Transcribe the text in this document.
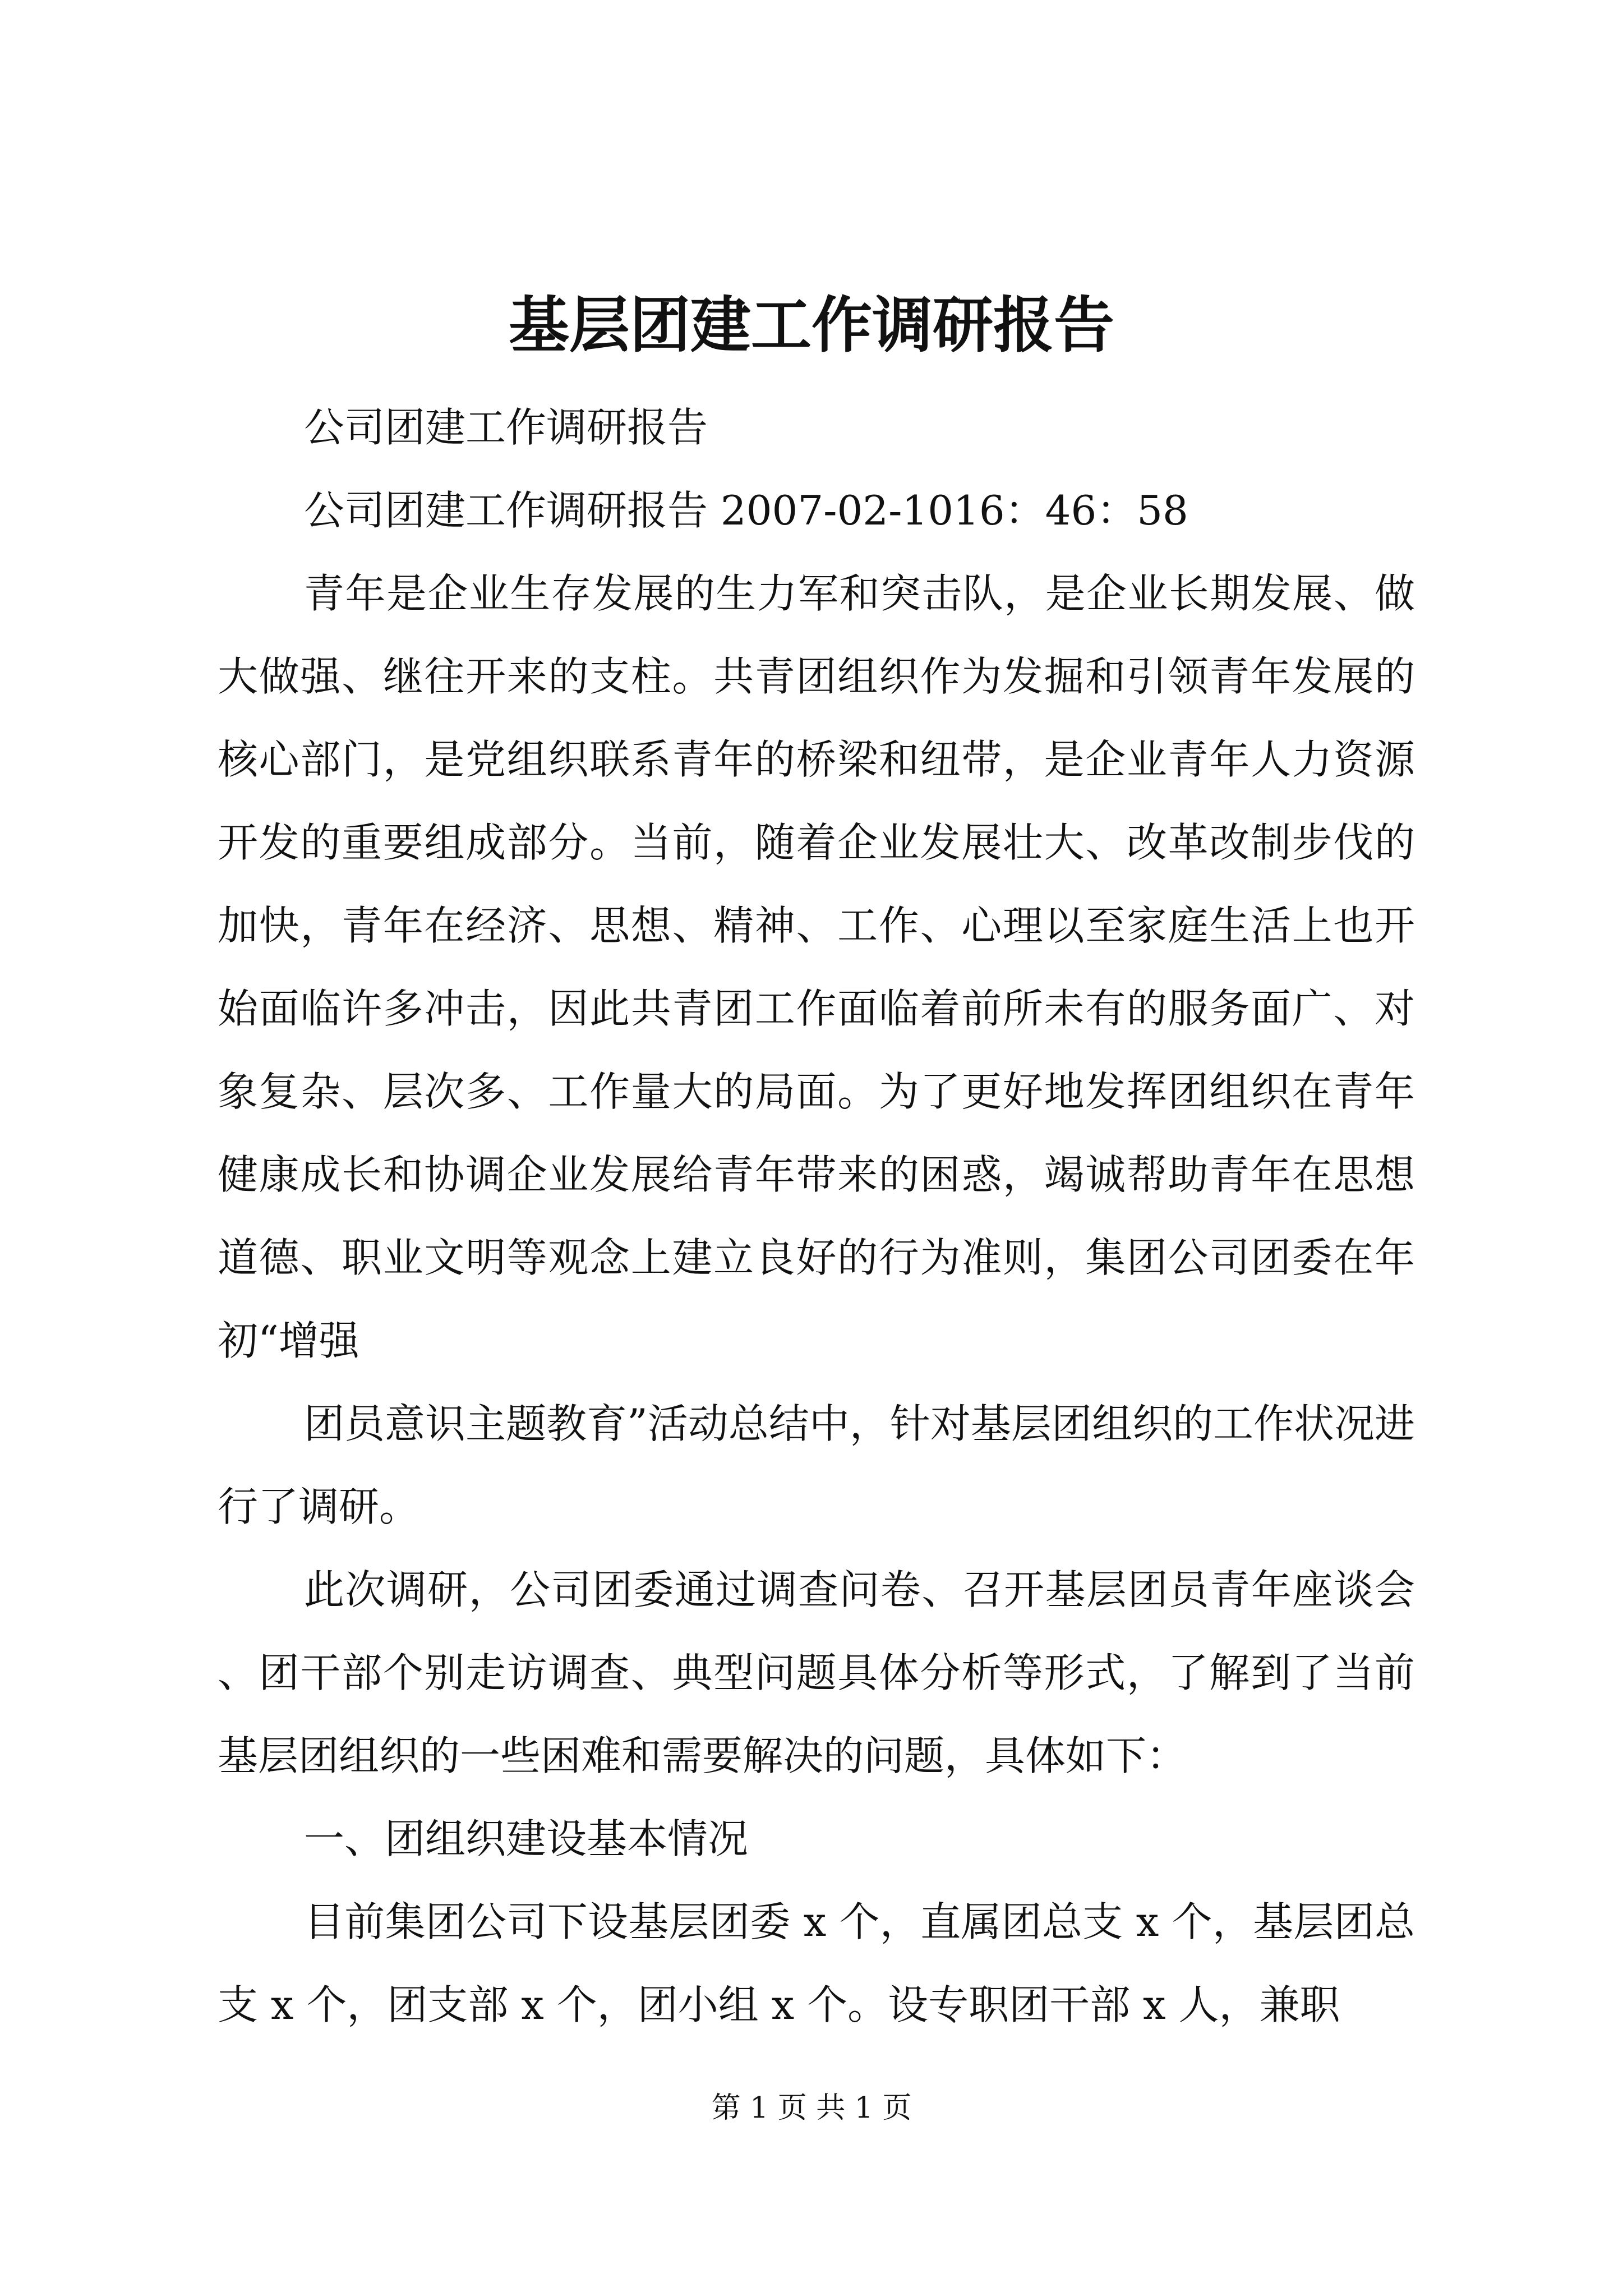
基层团建工作调研报告

公司团建工作调研报告

公司团建工作调研报告 2007-02-1016：46：58

青年是企业生存发展的生力军和突击队，是企业长期发展、做大做强、继往开来的支柱。共青团组织作为发掘和引领青年发展的核心部门，是党组织联系青年的桥梁和纽带，是企业青年人力资源开发的重要组成部分。当前，随着企业发展壮大、改革改制步伐的加快，青年在经济、思想、精神、工作、心理以至家庭生活上也开始面临许多冲击，因此共青团工作面临着前所未有的服务面广、对象复杂、层次多、工作量大的局面。为了更好地发挥团组织在青年健康成长和协调企业发展给青年带来的困惑，竭诚帮助青年在思想道德、职业文明等观念上建立良好的行为准则，集团公司团委在年初“增强

团员意识主题教育”活动总结中，针对基层团组织的工作状况进行了调研。

此次调研，公司团委通过调查问卷、召开基层团员青年座谈会、团干部个别走访调查、典型问题具体分析等形式，了解到了当前基层团组织的一些困难和需要解决的问题，具体如下：

一、团组织建设基本情况

目前集团公司下设基层团委 x 个，直属团总支 x 个，基层团总支 x 个，团支部 x 个，团小组 x 个。设专职团干部 x 人，兼职

第 1 页 共 1 页
